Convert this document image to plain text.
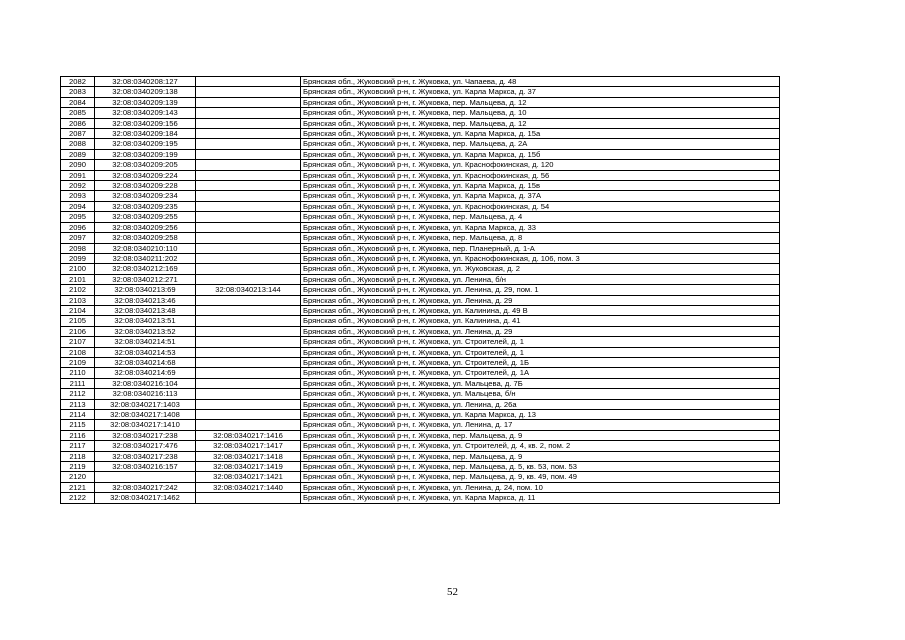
2082	32:08:0340208:127		Брянская обл., Жуковский р-н, г. Жуковка, ул. Чапаева, д. 48
2083	32:08:0340209:138		Брянская обл., Жуковский р-н, г. Жуковка, ул. Карла Маркса, д. 37
2084	32:08:0340209:139		Брянская обл., Жуковский р-н, г. Жуковка, пер. Мальцева, д. 12
2085	32:08:0340209:143		Брянская обл., Жуковский р-н, г. Жуковка, пер. Мальцева, д. 10
2086	32:08:0340209:156		Брянская обл., Жуковский р-н, г. Жуковка, пер. Мальцева, д. 12
2087	32:08:0340209:184		Брянская обл., Жуковский р-н, г. Жуковка, ул. Карла Маркса, д. 15а
2088	32:08:0340209:195		Брянская обл., Жуковский р-н, г. Жуковка, пер. Мальцева, д. 2А
2089	32:08:0340209:199		Брянская обл., Жуковский р-н, г. Жуковка, ул. Карла Маркса, д. 15б
2090	32:08:0340209:205		Брянская обл., Жуковский р-н, г. Жуковка, ул. Краснофокинская, д. 120
2091	32:08:0340209:224		Брянская обл., Жуковский р-н, г. Жуковка, ул. Краснофокинская, д. 56
2092	32:08:0340209:228		Брянская обл., Жуковский р-н, г. Жуковка, ул. Карла Маркса, д. 15в
2093	32:08:0340209:234		Брянская обл., Жуковский р-н, г. Жуковка, ул. Карла Маркса, д. 37А
2094	32:08:0340209:235		Брянская обл., Жуковский р-н, г. Жуковка, ул. Краснофокинская, д. 54
2095	32:08:0340209:255		Брянская обл., Жуковский р-н, г. Жуковка, пер. Мальцева, д. 4
2096	32:08:0340209:256		Брянская обл., Жуковский р-н, г. Жуковка, ул. Карла Маркса, д. 33
2097	32:08:0340209:258		Брянская обл., Жуковский р-н, г. Жуковка, пер. Мальцева, д. 8
2098	32:08:0340210:110		Брянская обл., Жуковский р-н, г. Жуковка, пер. Планерный, д. 1-А
2099	32:08:0340211:202		Брянская обл., Жуковский р-н, г. Жуковка, ул. Краснофокинская, д. 106, пом. 3
2100	32:08:0340212:169		Брянская обл., Жуковский р-н, г. Жуковка, ул. Жуковская, д. 2
2101	32:08:0340212:271		Брянская обл., Жуковский р-н, г. Жуковка, ул. Ленина, б/н
2102	32:08:0340213:69	32:08:0340213:144	Брянская обл., Жуковский р-н, г. Жуковка, ул. Ленина, д. 29, пом. 1
2103	32:08:0340213:46		Брянская обл., Жуковский р-н, г. Жуковка, ул. Ленина, д. 29
2104	32:08:0340213:48		Брянская обл., Жуковский р-н, г. Жуковка, ул. Калинина, д. 49 В
2105	32:08:0340213:51		Брянская обл., Жуковский р-н, г. Жуковка, ул. Калинина, д. 41
2106	32:08:0340213:52		Брянская обл., Жуковский р-н, г. Жуковка, ул. Ленина, д. 29
2107	32:08:0340214:51		Брянская обл., Жуковский р-н, г. Жуковка, ул. Строителей, д. 1
2108	32:08:0340214:53		Брянская обл., Жуковский р-н, г. Жуковка, ул. Строителей, д. 1
2109	32:08:0340214:68		Брянская обл., Жуковский р-н, г. Жуковка, ул. Строителей, д. 1Б
2110	32:08:0340214:69		Брянская обл., Жуковский р-н, г. Жуковка, ул. Строителей, д. 1А
2111	32:08:0340216:104		Брянская обл., Жуковский р-н, г. Жуковка, ул. Мальцева, д. 7Б
2112	32:08:0340216:113		Брянская обл., Жуковский р-н, г. Жуковка, ул. Мальцева, б/н
2113	32:08:0340217:1403		Брянская обл., Жуковский р-н, г. Жуковка, ул. Ленина, д. 26а
2114	32:08:0340217:1408		Брянская обл., Жуковский р-н, г. Жуковка, ул. Карла Маркса, д. 13
2115	32:08:0340217:1410		Брянская обл., Жуковский р-н, г. Жуковка, ул. Ленина, д. 17
2116	32:08:0340217:238	32:08:0340217:1416	Брянская обл., Жуковский р-н, г. Жуковка, пер. Мальцева, д. 9
2117	32:08:0340217:476	32:08:0340217:1417	Брянская обл., Жуковский р-н, г. Жуковка, ул. Строителей, д. 4, кв. 2, пом. 2
2118	32:08:0340217:238	32:08:0340217:1418	Брянская обл., Жуковский р-н, г. Жуковка, пер. Мальцева, д. 9
2119	32:08:0340216:157	32:08:0340217:1419	Брянская обл., Жуковский р-н, г. Жуковка, пер. Мальцева, д. 5, кв. 53, пом. 53
2120		32:08:0340217:1421	Брянская обл., Жуковский р-н, г. Жуковка, пер. Мальцева, д. 9, кв. 49, пом. 49
2121	32:08:0340217:242	32:08:0340217:1440	Брянская обл., Жуковский р-н, г. Жуковка, ул. Ленина, д. 24, пом. 10
2122	32:08:0340217:1462		Брянская обл., Жуковский р-н, г. Жуковка, ул. Карла Маркса, д. 11
52
